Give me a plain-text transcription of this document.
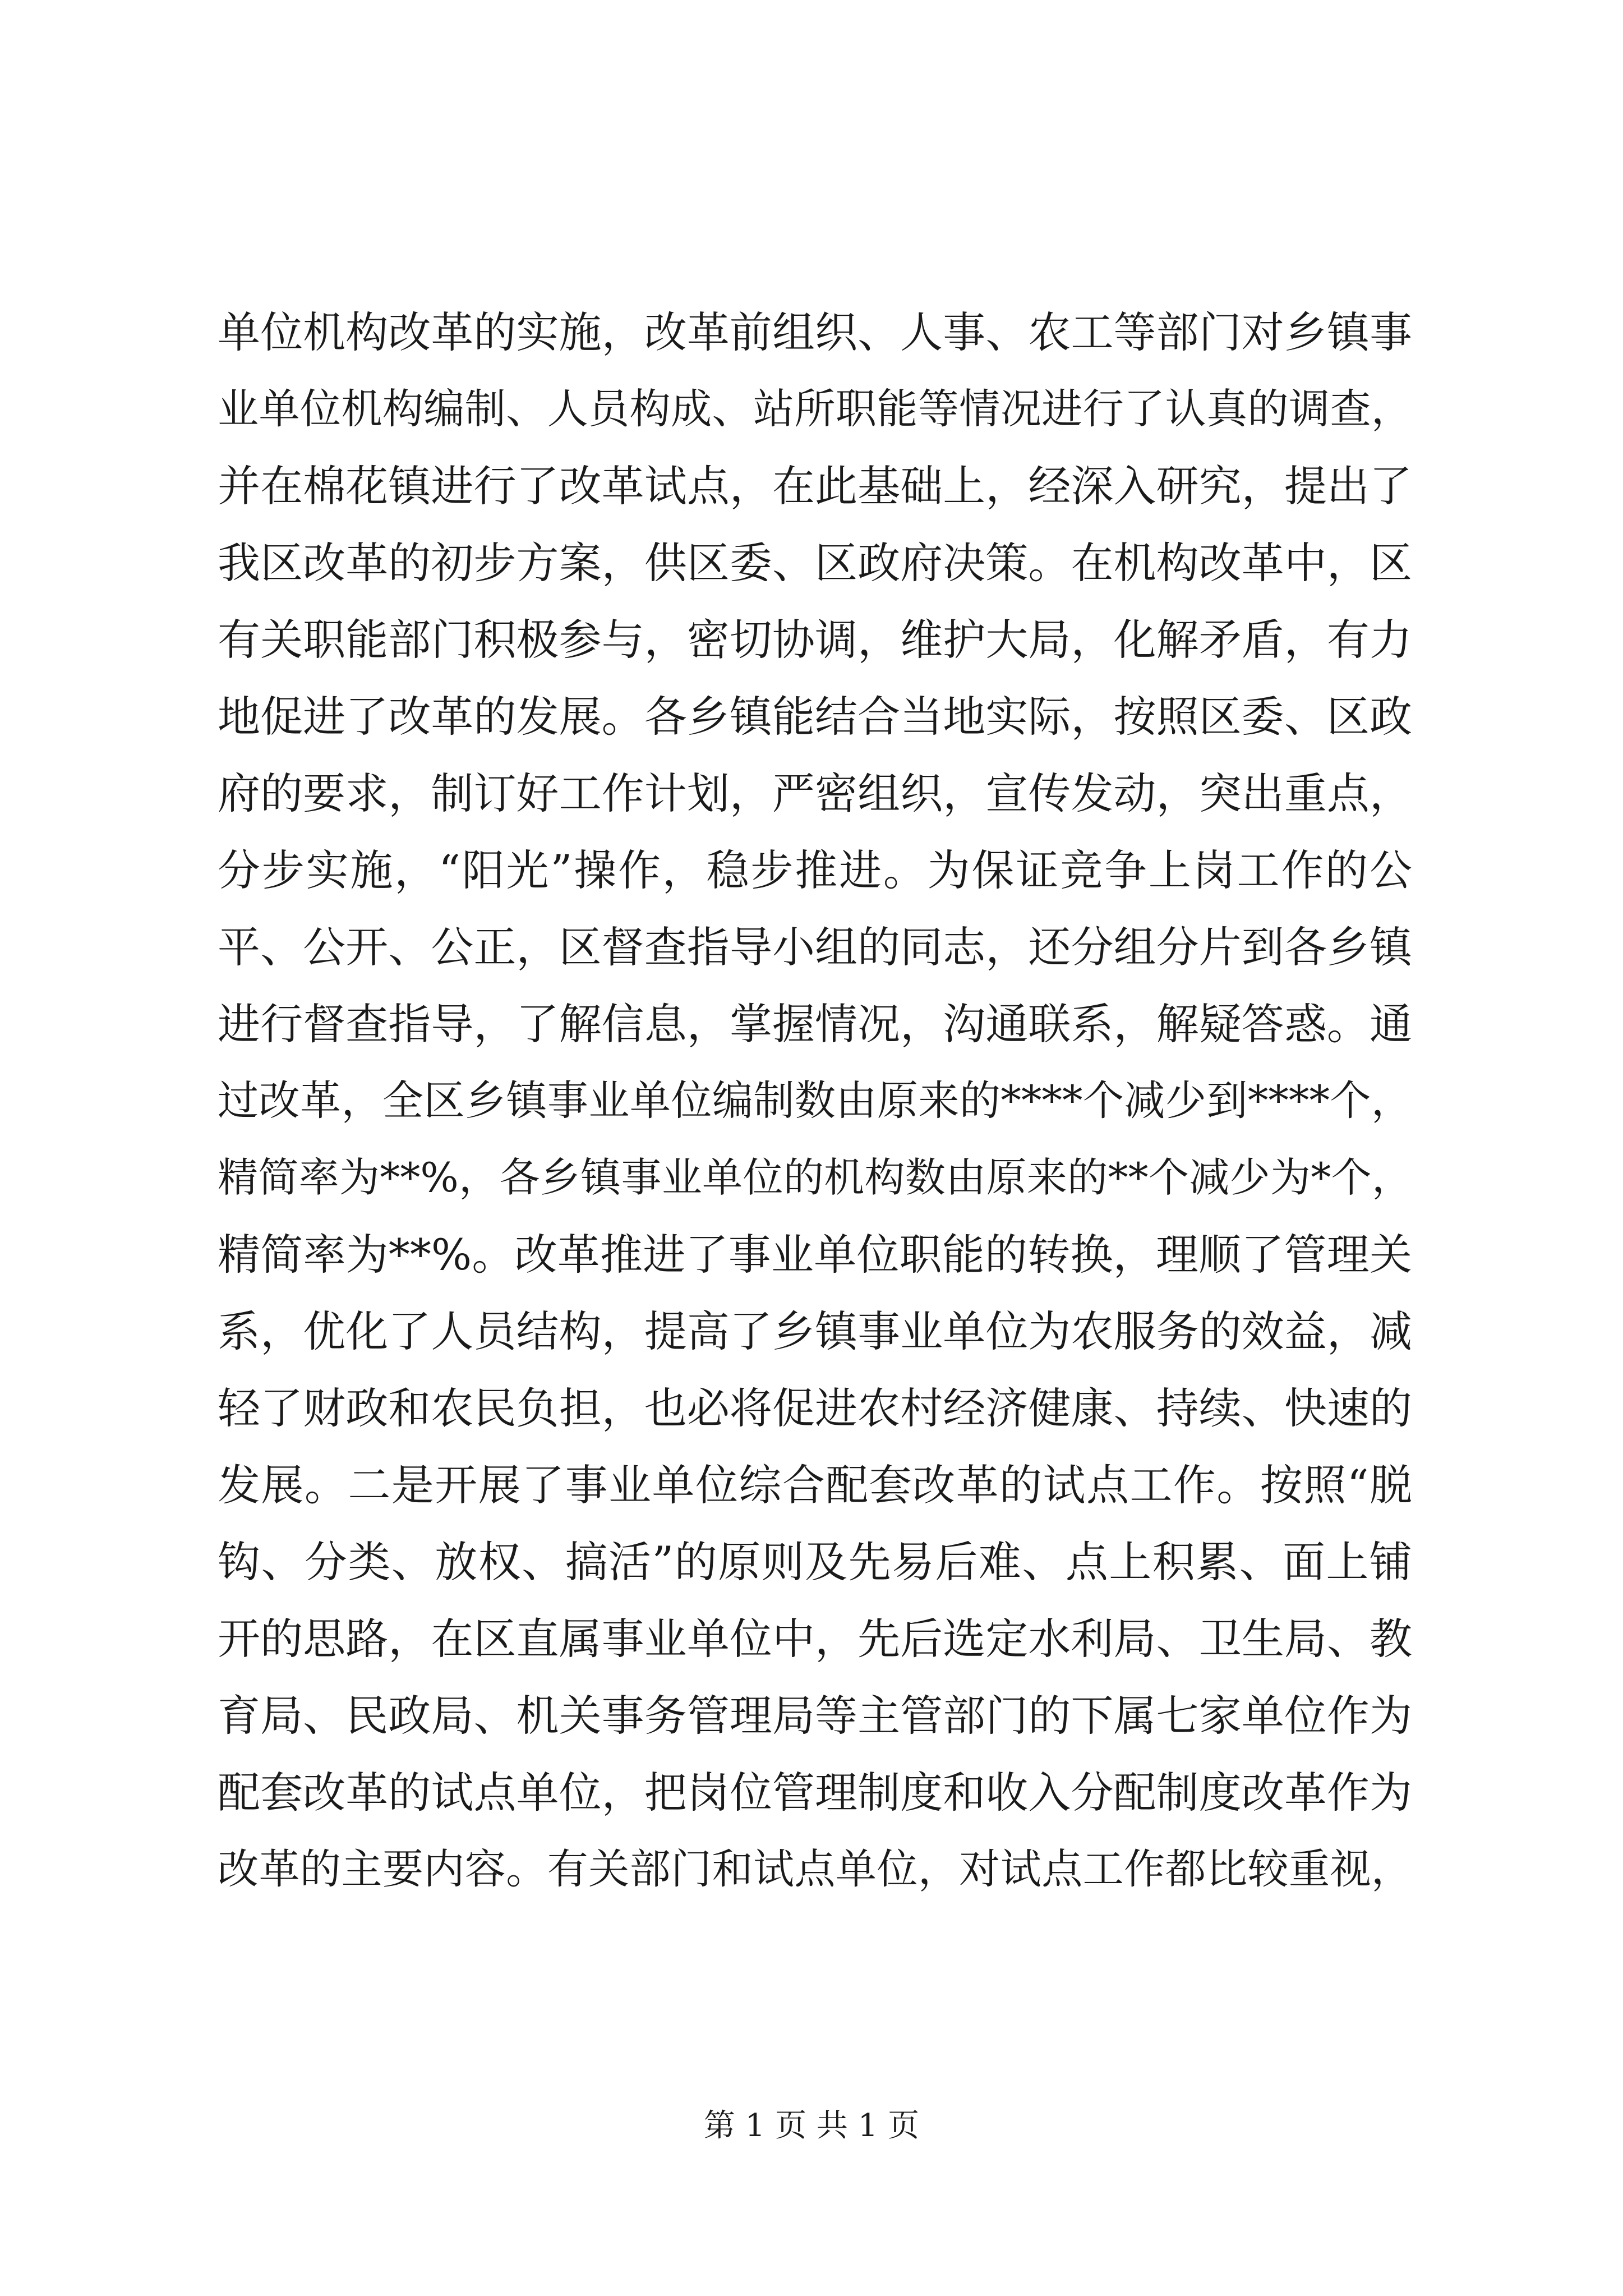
单位机构改革的实施，改革前组织、人事、农工等部门对乡镇事
业单位机构编制、人员构成、站所职能等情况进行了认真的调查，
并在棉花镇进行了改革试点，在此基础上，经深入研究，提出了
我区改革的初步方案，供区委、区政府决策。在机构改革中，区
有关职能部门积极参与，密切协调，维护大局，化解矛盾，有力
地促进了改革的发展。各乡镇能结合当地实际，按照区委、区政
府的要求，制订好工作计划，严密组织，宣传发动，突出重点，
分步实施，“阳光”操作，稳步推进。为保证竞争上岗工作的公
平、公开、公正，区督查指导小组的同志，还分组分片到各乡镇
进行督查指导，了解信息，掌握情况，沟通联系，解疑答惑。通
过改革，全区乡镇事业单位编制数由原来的****个减少到****个，
精简率为**%，各乡镇事业单位的机构数由原来的**个减少为*个，
精简率为**%。改革推进了事业单位职能的转换，理顺了管理关
系，优化了人员结构，提高了乡镇事业单位为农服务的效益，减
轻了财政和农民负担，也必将促进农村经济健康、持续、快速的
发展。二是开展了事业单位综合配套改革的试点工作。按照“脱
钩、分类、放权、搞活”的原则及先易后难、点上积累、面上铺
开的思路，在区直属事业单位中，先后选定水利局、卫生局、教
育局、民政局、机关事务管理局等主管部门的下属七家单位作为
配套改革的试点单位，把岗位管理制度和收入分配制度改革作为
改革的主要内容。有关部门和试点单位，对试点工作都比较重视，
第 1 页 共 1 页
